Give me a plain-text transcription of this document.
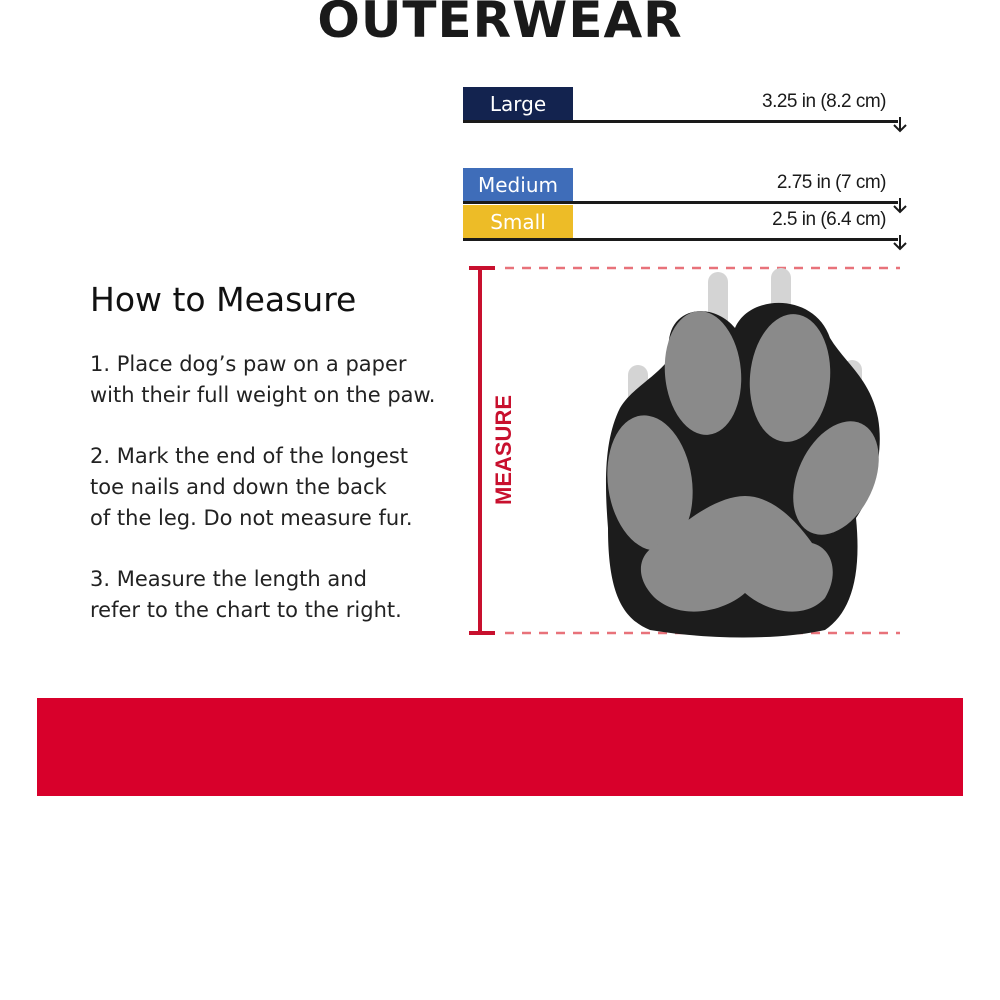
OUTERWEAR
Large	3.25 in (8.2 cm)
Medium	2.75 in (7 cm)
Small	2.5 in (6.4 cm)
How to Measure

1. Place dog’s paw on a paper
with their full weight on the paw.

2. Mark the end of the longest
toe nails and down the back
of the leg. Do not measure fur.

3. Measure the length and
refer to the chart to the right.

MEASURE
